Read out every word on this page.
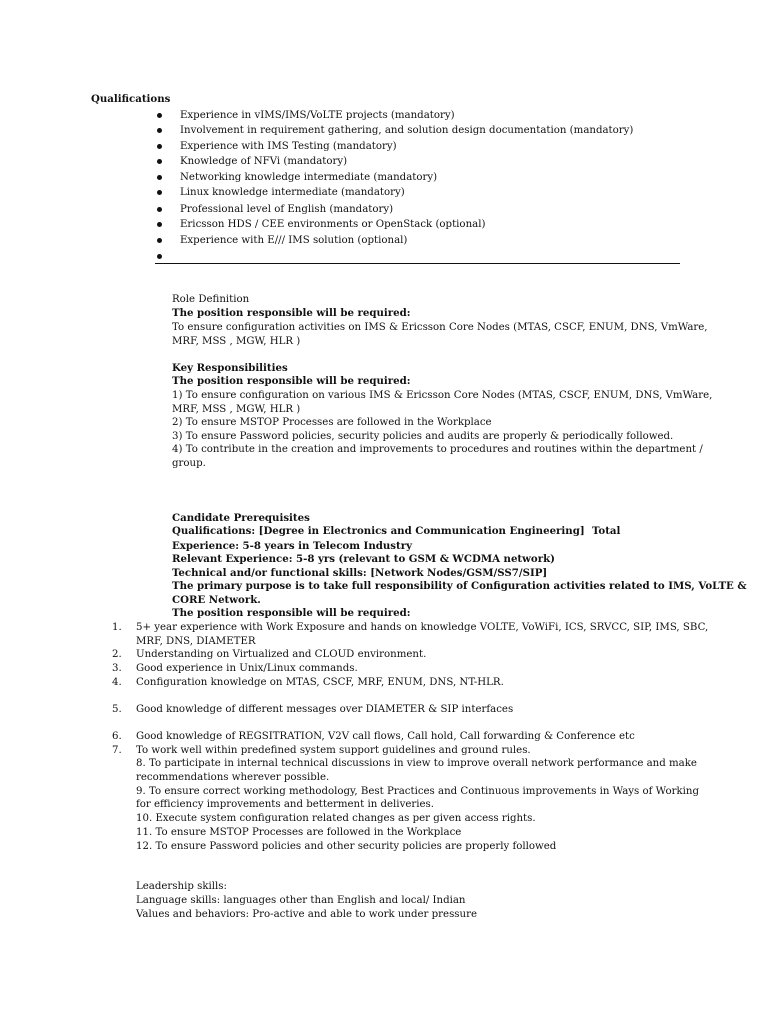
Qualifications
Experience in vIMS/IMS/VoLTE projects (mandatory)
Involvement in requirement gathering, and solution design documentation (mandatory)
Experience with IMS Testing (mandatory)
Knowledge of NFVi (mandatory)
Networking knowledge intermediate (mandatory)
Linux knowledge intermediate (mandatory)
Professional level of English (mandatory)
Ericsson HDS / CEE environments or OpenStack (optional)
Experience with E/// IMS solution (optional)
Role Definition
The position responsible will be required:
To ensure configuration activities on IMS & Ericsson Core Nodes (MTAS, CSCF, ENUM, DNS, VmWare,
MRF, MSS , MGW, HLR )
Key Responsibilities
The position responsible will be required:
1) To ensure configuration on various IMS & Ericsson Core Nodes (MTAS, CSCF, ENUM, DNS, VmWare,
MRF, MSS , MGW, HLR )
2) To ensure MSTOP Processes are followed in the Workplace
3) To ensure Password policies, security policies and audits are properly & periodically followed.
4) To contribute in the creation and improvements to procedures and routines within the department /
group.
Candidate Prerequisites
Qualifications: [Degree in Electronics and Communication Engineering] Total
Experience: 5-8 years in Telecom Industry
Relevant Experience: 5-8 yrs (relevant to GSM & WCDMA network)
Technical and/or functional skills: [Network Nodes/GSM/SS7/SIP]
The primary purpose is to take full responsibility of Configuration activities related to IMS, VoLTE &
CORE Network.
The position responsible will be required:
1. 5+ year experience with Work Exposure and hands on knowledge VOLTE, VoWiFi, ICS, SRVCC, SIP, IMS, SBC,
MRF, DNS, DIAMETER
2. Understanding on Virtualized and CLOUD environment.
3. Good experience in Unix/Linux commands.
4. Configuration knowledge on MTAS, CSCF, MRF, ENUM, DNS, NT-HLR.
5. Good knowledge of different messages over DIAMETER & SIP interfaces
6. Good knowledge of REGSITRATION, V2V call flows, Call hold, Call forwarding & Conference etc
7. To work well within predefined system support guidelines and ground rules.
8. To participate in internal technical discussions in view to improve overall network performance and make
recommendations wherever possible.
9. To ensure correct working methodology, Best Practices and Continuous improvements in Ways of Working
for efficiency improvements and betterment in deliveries.
10. Execute system configuration related changes as per given access rights.
11. To ensure MSTOP Processes are followed in the Workplace
12. To ensure Password policies and other security policies are properly followed
Leadership skills:
Language skills: languages other than English and local/ Indian
Values and behaviors: Pro-active and able to work under pressure
